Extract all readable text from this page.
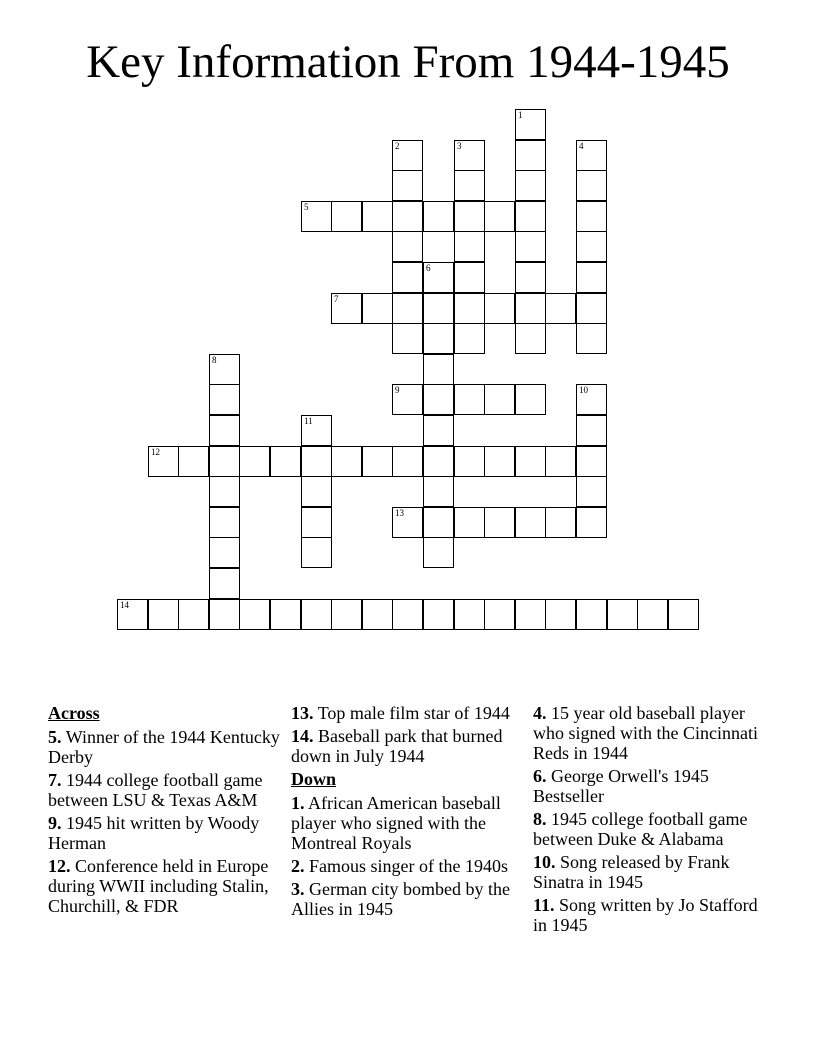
Key Information From 1944-1945
1
2	3	4
5
6
7
8
9	10
11
12
13
14
Across
5. Winner of the 1944 Kentucky Derby
7. 1944 college football game between LSU & Texas A&M
9. 1945 hit written by Woody Herman
12. Conference held in Europe during WWII including Stalin, Churchill, & FDR
13. Top male film star of 1944
14. Baseball park that burned down in July 1944
Down
1. African American baseball player who signed with the Montreal Royals
2. Famous singer of the 1940s
3. German city bombed by the Allies in 1945
4. 15 year old baseball player who signed with the Cincinnati Reds in 1944
6. George Orwell's 1945 Bestseller
8. 1945 college football game between Duke & Alabama
10. Song released by Frank Sinatra in 1945
11. Song written by Jo Stafford in 1945
